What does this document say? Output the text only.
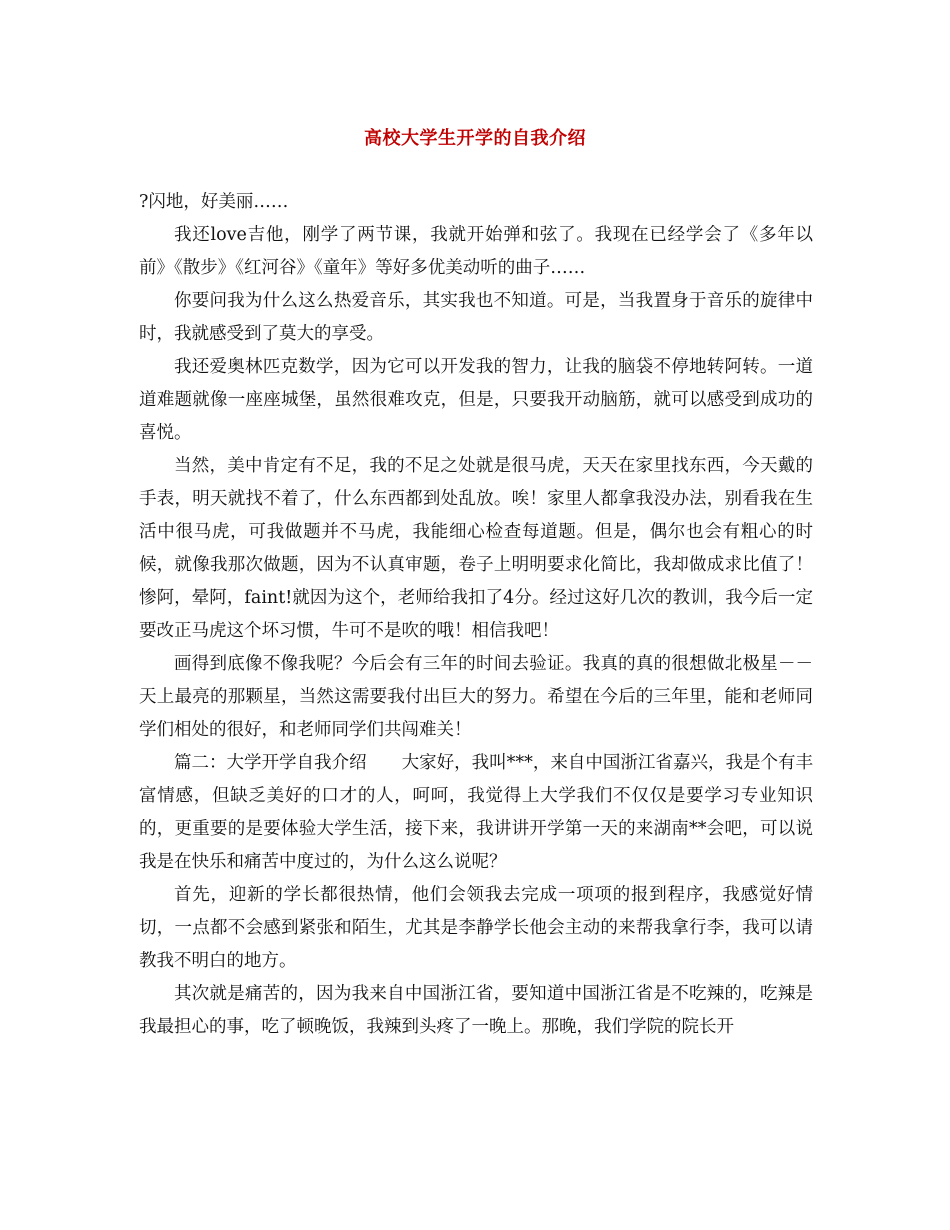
高校大学生开学的自我介绍

?闪地，好美丽……

我还love吉他，刚学了两节课，我就开始弹和弦了。我现在已经学会了《多年以前》《散步》《红河谷》《童年》等好多优美动听的曲子……

你要问我为什么这么热爱音乐，其实我也不知道。可是，当我置身于音乐的旋律中时，我就感受到了莫大的享受。

我还爱奥林匹克数学，因为它可以开发我的智力，让我的脑袋不停地转阿转。一道道难题就像一座座城堡，虽然很难攻克，但是，只要我开动脑筋，就可以感受到成功的喜悦。

当然，美中肯定有不足，我的不足之处就是很马虎，天天在家里找东西，今天戴的手表，明天就找不着了，什么东西都到处乱放。唉！家里人都拿我没办法，别看我在生活中很马虎，可我做题并不马虎，我能细心检查每道题。但是，偶尔也会有粗心的时候，就像我那次做题，因为不认真审题，卷子上明明要求化简比，我却做成求比值了！ 惨阿，晕阿，faint!就因为这个，老师给我扣了4分。经过这好几次的教训，我今后一定要改正马虎这个坏习惯，牛可不是吹的哦！相信我吧！

画得到底像不像我呢？今后会有三年的时间去验证。我真的真的很想做北极星－－天上最亮的那颗星，当然这需要我付出巨大的努力。希望在今后的三年里，能和老师同学们相处的很好，和老师同学们共闯难关！

篇二：大学开学自我介绍　　大家好，我叫***，来自中国浙江省嘉兴，我是个有丰富情感，但缺乏美好的口才的人，呵呵，我觉得上大学我们不仅仅是要学习专业知识的，更重要的是要体验大学生活，接下来，我讲讲开学第一天的来湖南**会吧，可以说我是在快乐和痛苦中度过的，为什么这么说呢？

首先，迎新的学长都很热情，他们会领我去完成一项项的报到程序，我感觉好情切，一点都不会感到紧张和陌生，尤其是李静学长他会主动的来帮我拿行李，我可以请教我不明白的地方。

其次就是痛苦的，因为我来自中国浙江省，要知道中国浙江省是不吃辣的，吃辣是我最担心的事，吃了顿晚饭，我辣到头疼了一晚上。那晚，我们学院的院长开
